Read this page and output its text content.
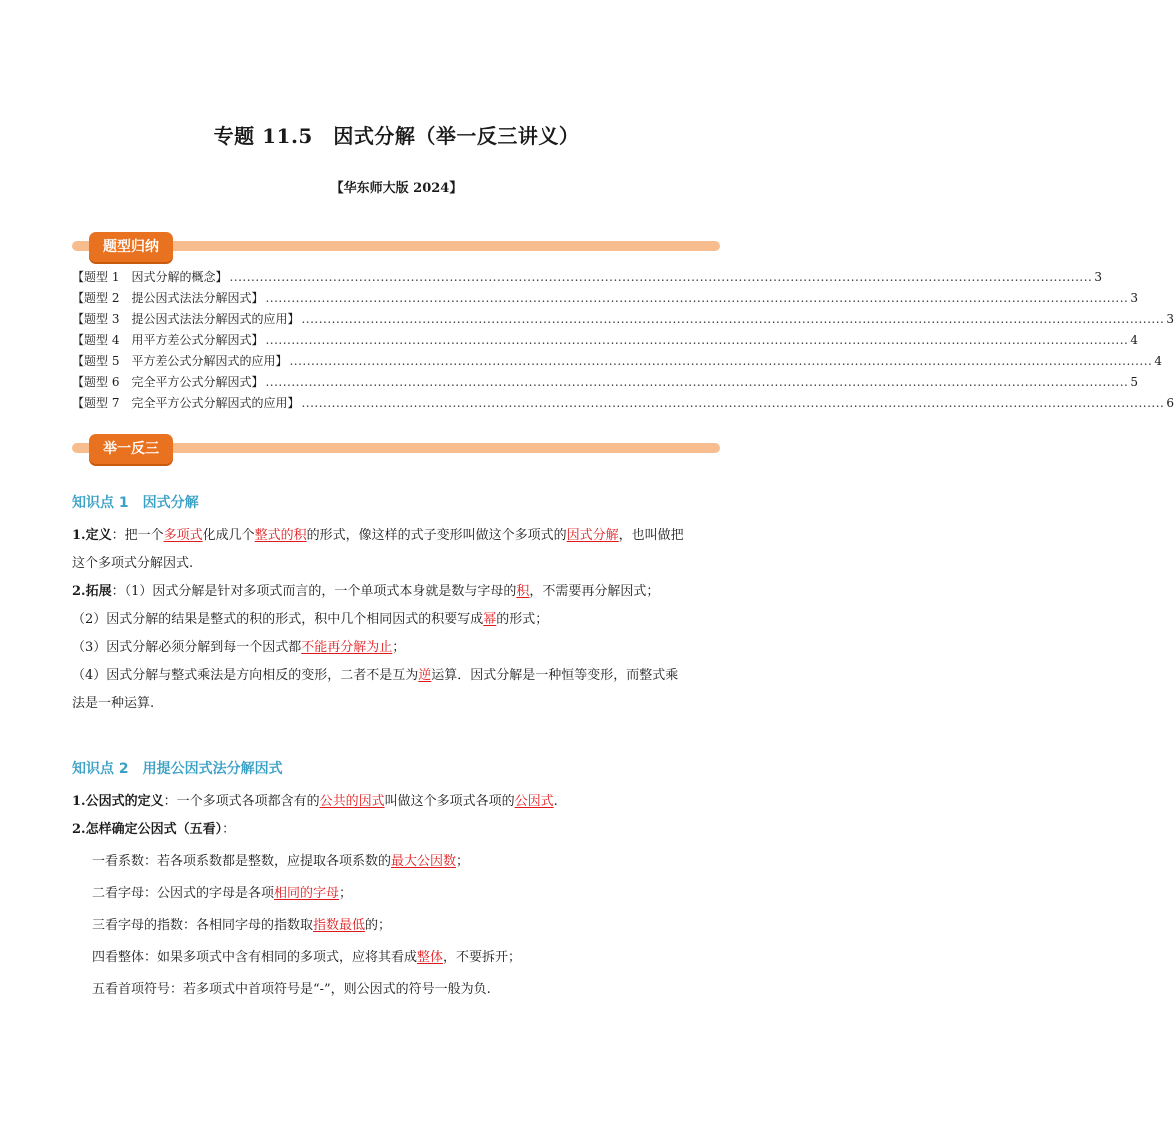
专题 11.5　因式分解（举一反三讲义）
【华东师大版 2024】
题型归纳
【题型 1　因式分解的概念】 ........................................................................................................................................................................................................ 3
【题型 2　提公因式法法分解因式】 ........................................................................................................................................................................................................ 3
【题型 3　提公因式法法分解因式的应用】 ........................................................................................................................................................................................................ 3
【题型 4　用平方差公式分解因式】 ........................................................................................................................................................................................................ 4
【题型 5　平方差公式分解因式的应用】 ........................................................................................................................................................................................................ 4
【题型 6　完全平方公式分解因式】 ........................................................................................................................................................................................................ 5
【题型 7　完全平方公式分解因式的应用】 ........................................................................................................................................................................................................ 6
举一反三
知识点 1　因式分解

1.定义：把一个多项式化成几个整式的积的形式，像这样的式子变形叫做这个多项式的因式分解，也叫做把
这个多项式分解因式.

2.拓展：（1）因式分解是针对多项式而言的，一个单项式本身就是数与字母的积，不需要再分解因式；

（2）因式分解的结果是整式的积的形式，积中几个相同因式的积要写成幂的形式；

（3）因式分解必须分解到每一个因式都不能再分解为止；

（4）因式分解与整式乘法是方向相反的变形，二者不是互为逆运算．因式分解是一种恒等变形，而整式乘
法是一种运算.

知识点 2　用提公因式法分解因式

1.公因式的定义：一个多项式各项都含有的公共的因式叫做这个多项式各项的公因式.

2.怎样确定公因式（五看）：

一看系数：若各项系数都是整数，应提取各项系数的最大公因数；

二看字母：公因式的字母是各项相同的字母；

三看字母的指数：各相同字母的指数取指数最低的；

四看整体：如果多项式中含有相同的多项式，应将其看成整体，不要拆开；

五看首项符号：若多项式中首项符号是“-”，则公因式的符号一般为负.
